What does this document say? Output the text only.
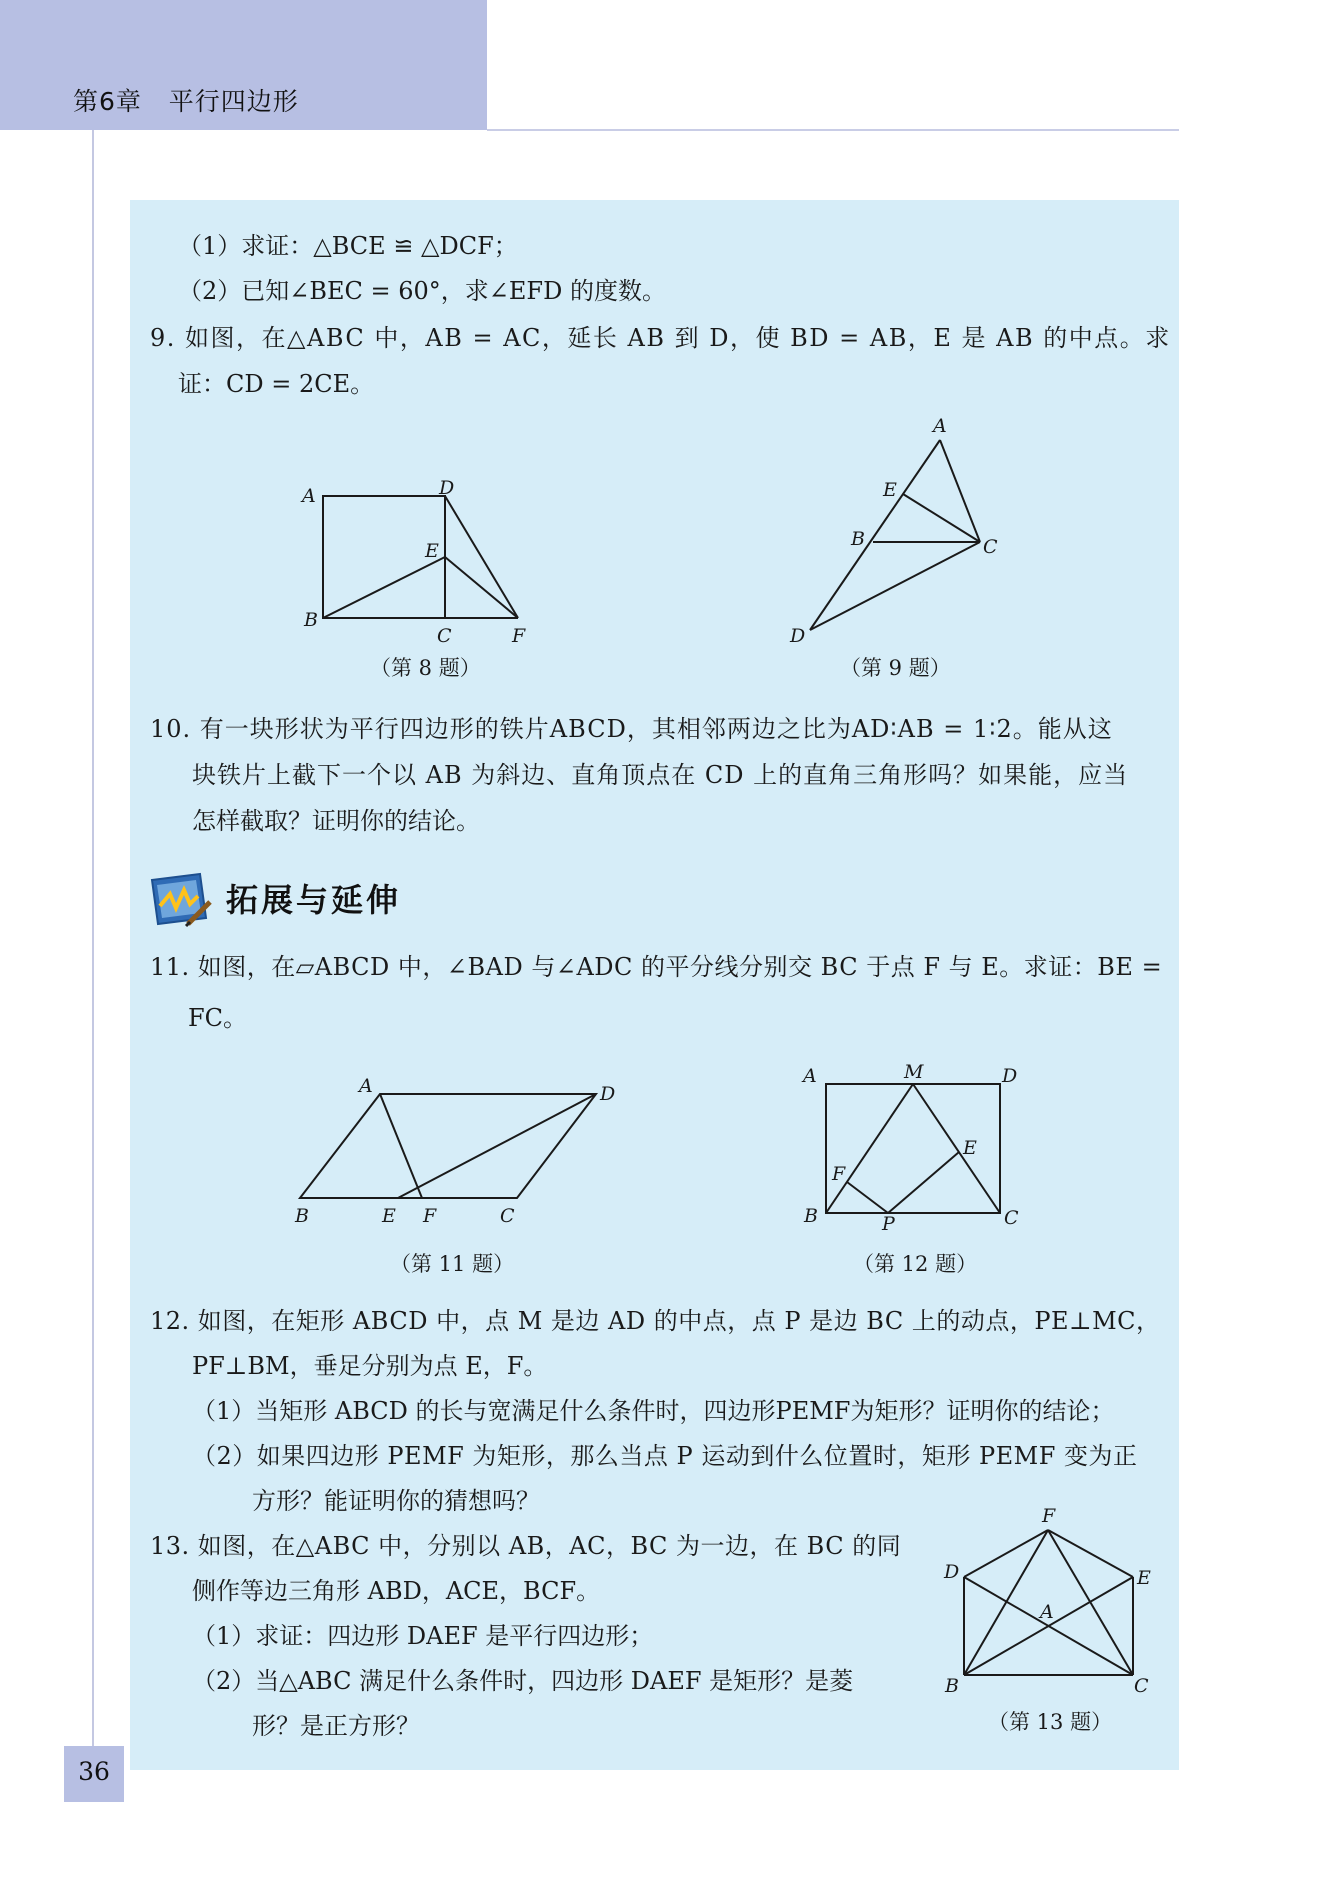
第6章 平行四边形
（1）求证：△BCE ≌ △DCF；
（2）已知∠BEC = 60°，求∠EFD 的度数。
9. 如图，在△ABC 中，AB = AC，延长 AB 到 D，使 BD = AB，E 是 AB 的中点。求
证：CD = 2CE。
A	D
E
B
C	F
（第 8 题）
A
E
B	C
D
（第 9 题）
10. 有一块形状为平行四边形的铁片ABCD，其相邻两边之比为AD∶AB = 1∶2。能从这
块铁片上截下一个以 AB 为斜边、直角顶点在 CD 上的直角三角形吗？如果能，应当
怎样截取？证明你的结论。
拓展与延伸
11. 如图，在▱ABCD 中，∠BAD 与∠ADC 的平分线分别交 BC 于点 F 与 E。求证：BE =
FC。
A	D
B	E F	C
（第 11 题）
A	M	D
E
F
B	P	C
（第 12 题）
12. 如图，在矩形 ABCD 中，点 M 是边 AD 的中点，点 P 是边 BC 上的动点，PE⊥MC，
PF⊥BM，垂足分别为点 E，F。
（1）当矩形 ABCD 的长与宽满足什么条件时，四边形PEMF为矩形？证明你的结论；
（2）如果四边形 PEMF 为矩形，那么当点 P 运动到什么位置时，矩形 PEMF 变为正
方形？能证明你的猜想吗？
13. 如图，在△ABC 中，分别以 AB，AC，BC 为一边，在 BC 的同
侧作等边三角形 ABD，ACE，BCF。
（1）求证：四边形 DAEF 是平行四边形；
（2）当△ABC 满足什么条件时，四边形 DAEF 是矩形？是菱
形？是正方形？
F
D	E
A
B	C
（第 13 题）
36
